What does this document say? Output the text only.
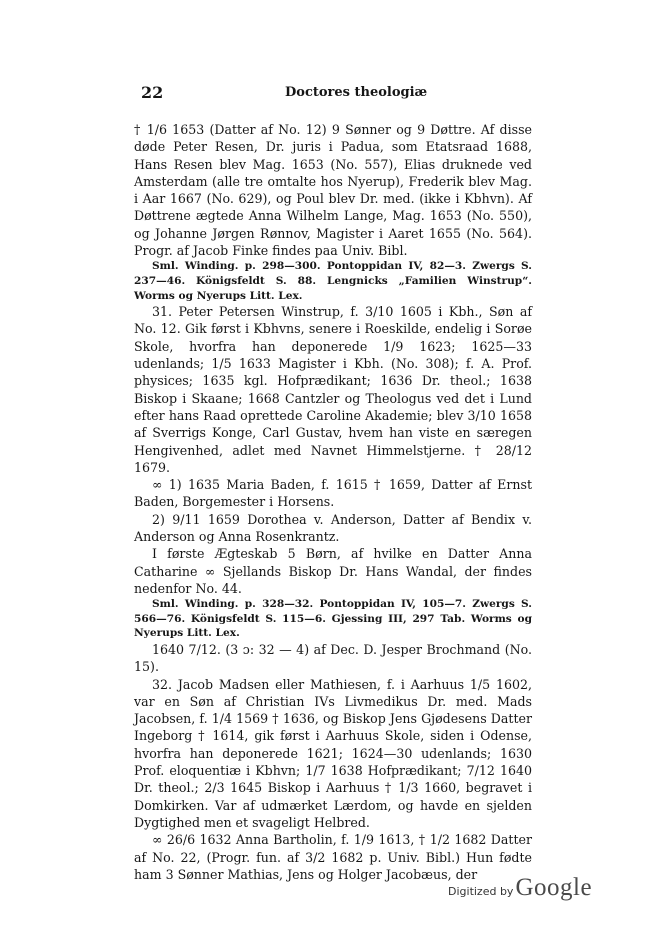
22	Doctores theologiæ

† 1/6 1653 (Datter af No. 12) 9 Sønner og 9 Døttre. Af disse døde Peter Resen, Dr. juris i Padua, som Etatsraad 1688, Hans Resen blev Mag. 1653 (No. 557), Elias druknede ved Amsterdam (alle tre omtalte hos Nyerup), Frederik blev Mag. i Aar 1667 (No. 629), og Poul blev Dr. med. (ikke i Kbhvn). Af Døttrene ægtede Anna Wilhelm Lange, Mag. 1653 (No. 550), og Johanne Jørgen Rønnov, Magister i Aaret 1655 (No. 564). Progr. af Jacob Finke findes paa Univ. Bibl.

Sml. Winding. p. 298—300. Pontoppidan IV, 82—3. Zwergs S. 237—46. Königsfeldt S. 88. Lengnicks „Familien Winstrup“. Worms og Nyerups Litt. Lex.

31. Peter Petersen Winstrup, f. 3/10 1605 i Kbh., Søn af No. 12. Gik først i Kbhvns, senere i Roeskilde, endelig i Sorøe Skole, hvorfra han deponerede 1/9 1623; 1625—33 udenlands; 1/5 1633 Magister i Kbh. (No. 308); f. A. Prof. physices; 1635 kgl. Hofprædikant; 1636 Dr. theol.; 1638 Biskop i Skaane; 1668 Cantzler og Theologus ved det i Lund efter hans Raad oprettede Caroline Akademie; blev 3/10 1658 af Sverrigs Konge, Carl Gustav, hvem han viste en særegen Hengivenhed, adlet med Navnet Himmelstjerne. † 28/12 1679.

∞ 1) 1635 Maria Baden, f. 1615 † 1659, Datter af Ernst Baden, Borgemester i Horsens.

2) 9/11 1659 Dorothea v. Anderson, Datter af Bendix v. Anderson og Anna Rosenkrantz.

I første Ægteskab 5 Børn, af hvilke en Datter Anna Catharine ∞ Sjellands Biskop Dr. Hans Wandal, der findes nedenfor No. 44.

Sml. Winding. p. 328—32. Pontoppidan IV, 105—7. Zwergs S. 566—76. Königsfeldt S. 115—6. Gjessing III, 297 Tab. Worms og Nyerups Litt. Lex.

1640 7/12. (3 ɔ: 32 — 4) af Dec. D. Jesper Brochmand (No. 15).

32. Jacob Madsen eller Mathiesen, f. i Aarhuus 1/5 1602, var en Søn af Christian IVs Livmedikus Dr. med. Mads Jacobsen, f. 1/4 1569 † 1636, og Biskop Jens Gjødesens Datter Ingeborg † 1614, gik først i Aarhuus Skole, siden i Odense, hvorfra han deponerede 1621; 1624—30 udenlands; 1630 Prof. eloquentiæ i Kbhvn; 1/7 1638 Hofprædikant; 7/12 1640 Dr. theol.; 2/3 1645 Biskop i Aarhuus † 1/3 1660, begravet i Domkirken. Var af udmærket Lærdom, og havde en sjelden Dygtighed men et svageligt Helbred.

∞ 26/6 1632 Anna Bartholin, f. 1/9 1613, † 1/2 1682 Datter af No. 22, (Progr. fun. af 3/2 1682 p. Univ. Bibl.) Hun fødte ham 3 Sønner Mathias, Jens og Holger Jacobæus, der

Digitized by Google
